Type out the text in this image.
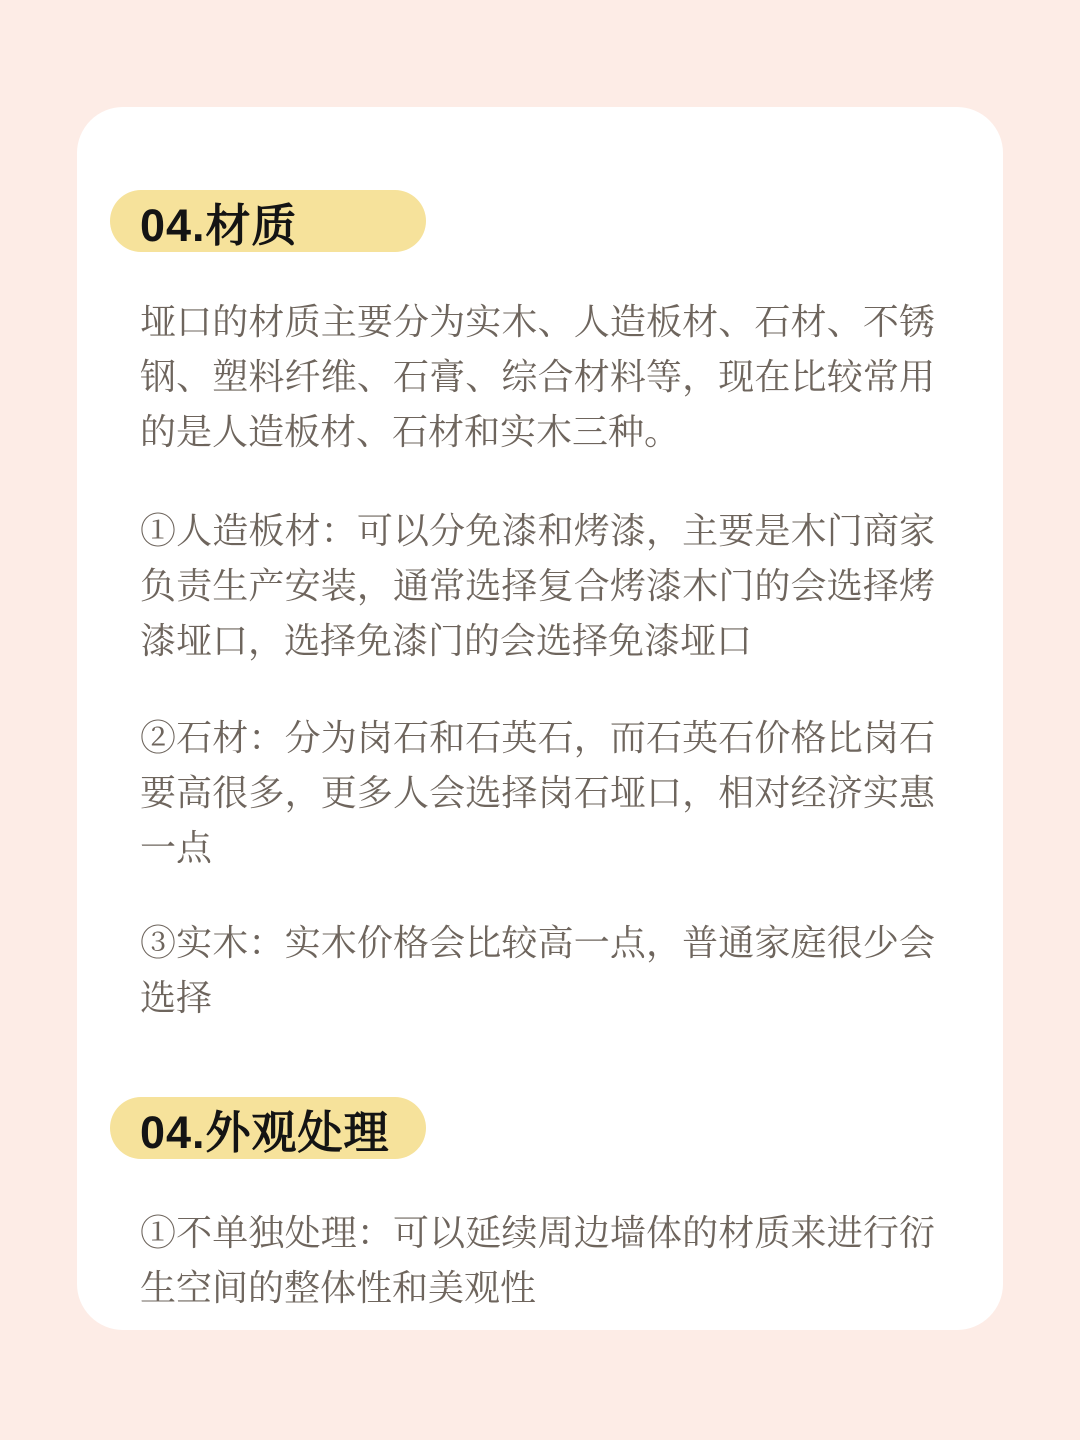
04.材质

垭口的材质主要分为实木、人造板材、石材、不锈钢、塑料纤维、石膏、综合材料等，现在比较常用的是人造板材、石材和实木三种。

①人造板材：可以分免漆和烤漆，主要是木门商家负责生产安装，通常选择复合烤漆木门的会选择烤漆垭口，选择免漆门的会选择免漆垭口

②石材：分为岗石和石英石，而石英石价格比岗石要高很多，更多人会选择岗石垭口，相对经济实惠一点

③实木：实木价格会比较高一点，普通家庭很少会选择

04.外观处理

①不单独处理：可以延续周边墙体的材质来进行衍生空间的整体性和美观性
